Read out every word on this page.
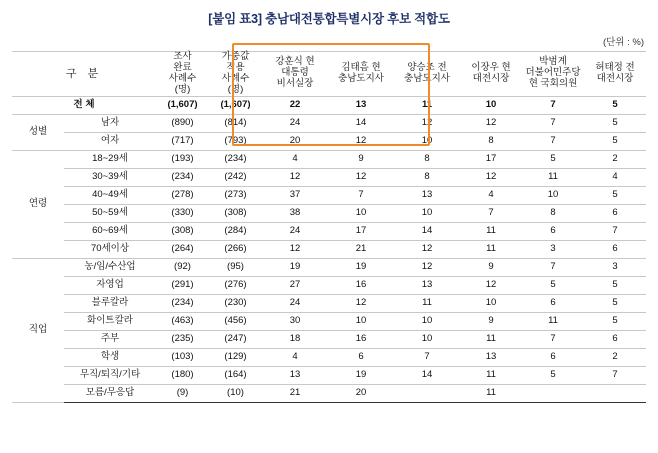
[붙임 표3] 충남대전통합특별시장 후보 적합도
(단위 : %)
구 분		조사
완료
사례수
(명)	가중값
적용
사례수
(명)	강훈식 현
대통령
비서실장	김태흠 현
충남도지사	양승조 전
충남도지사	이장우 현
대전시장	박범계
더불어민주당
현 국회의원	허태정 전
대전시장

전 체		(1,607)	(1,607)	22	13	11	10	7	5
성별	남자	(890)	(814)	24	14	12	12	7	5
	여자	(717)	(793)	20	12	10	8	7	5
연령	18~29세	(193)	(234)	4	9	8	17	5	2
	30~39세	(234)	(242)	12	12	8	12	11	4
	40~49세	(278)	(273)	37	7	13	4	10	5
	50~59세	(330)	(308)	38	10	10	7	8	6
	60~69세	(308)	(284)	24	17	14	11	6	7
	70세이상	(264)	(266)	12	21	12	11	3	6
직업	농/임/수산업	(92)	(95)	19	19	12	9	7	3
	자영업	(291)	(276)	27	16	13	12	5	5
	블루칼라	(234)	(230)	24	12	11	10	6	5
	화이트칼라	(463)	(456)	30	10	10	9	11	5
	주부	(235)	(247)	18	16	10	11	7	6
	학생	(103)	(129)	4	6	7	13	6	2
	무직/퇴직/기타	(180)	(164)	13	19	14	11	5	7
	모름/무응답	(9)	(10)	21	20		11		
